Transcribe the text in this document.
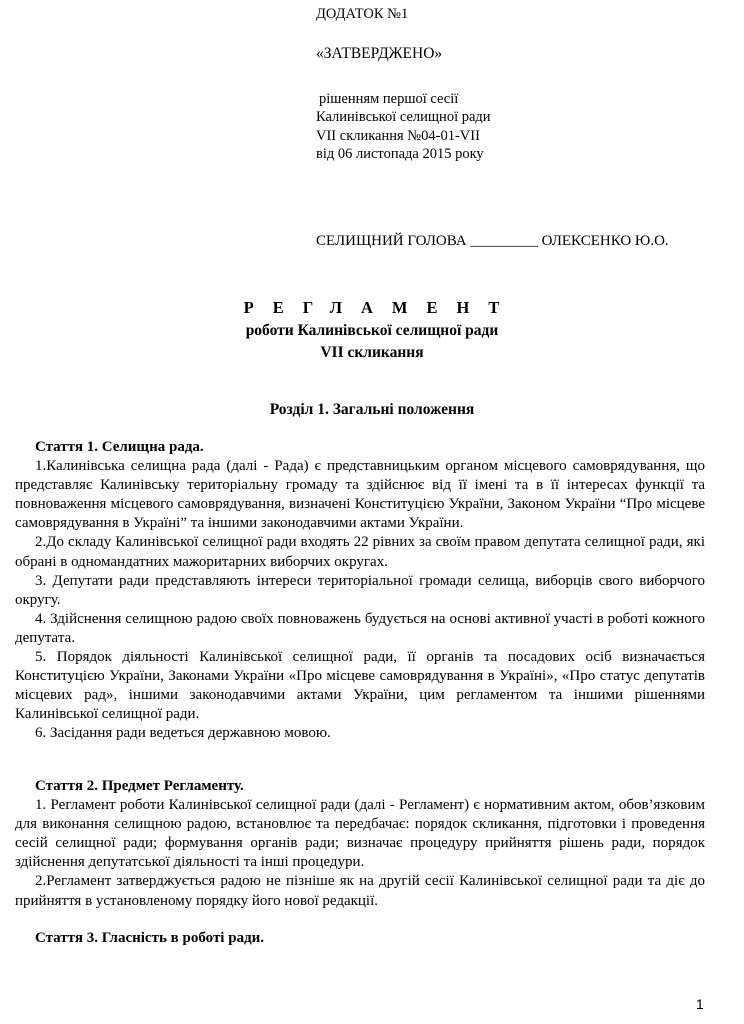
ДОДАТОК №1
«ЗАТВЕРДЖЕНО»
рішенням першої сесії
Калинівської селищної ради
VII скликання №04-01-VII
від 06 листопада 2015 року
СЕЛИЩНИЙ ГОЛОВА _________ ОЛЕКСЕНКО Ю.О.
РЕГЛАМЕНТ
роботи Калинівської селищної ради
VII скликання
Розділ 1. Загальні положення

Стаття 1. Селищна рада.

1.Калинівська селищна рада (далі - Рада) є представницьким органом місцевого самоврядування, що представляє Калинівську територіальну громаду та здійснює від її імені та в її інтересах функції та повноваження місцевого самоврядування, визначені Конституцією України, Законом України “Про місцеве самоврядування в Україні” та іншими законодавчими актами України.

2.До складу Калинівської селищної ради входять 22 рівних за своїм правом депутата селищної ради, які обрані в одномандатних мажоритарних виборчих округах.

3. Депутати ради представляють інтереси територіальної громади селища, виборців свого виборчого округу.

4. Здійснення селищною радою своїх повноважень будується на основі активної участі в роботі кожного депутата.

5. Порядок діяльності Калинівської селищної ради, її органів та посадових осіб визначається Конституцією України, Законами України «Про місцеве самоврядування в Україні», «Про статус депутатів місцевих рад», іншими законодавчими актами України, цим регламентом та іншими рішеннями Калинівської селищної ради.

6. Засідання ради ведеться державною мовою.

Стаття 2. Предмет Регламенту.

1. Регламент роботи Калинівської селищної ради (далі - Регламент) є нормативним актом, обов’язковим для виконання селищною радою, встановлює та передбачає: порядок скликання, підготовки і проведення сесій селищної ради; формування органів ради; визначає процедуру прийняття рішень ради, порядок здійснення депутатської діяльності та інші процедури.

2.Регламент затверджується радою не пізніше як на другій сесії Калинівської селищної ради та діє до прийняття в установленому порядку його нової редакції.

Стаття 3. Гласність в роботі ради.

1
